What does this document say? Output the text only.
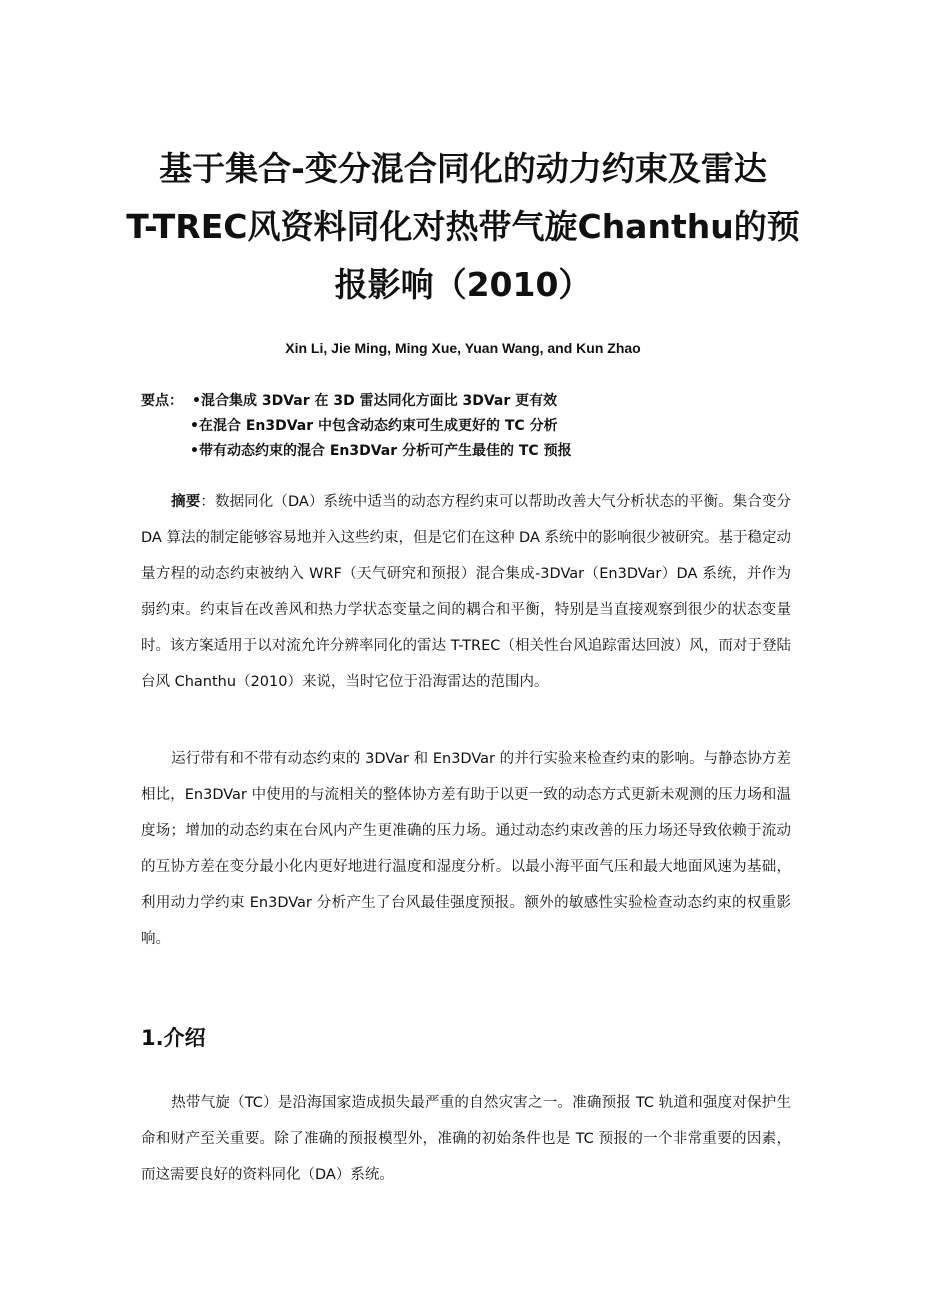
基于集合-变分混合同化的动力约束及雷达
T-TREC风资料同化对热带气旋Chanthu的预
报影响（2010）
Xin Li, Jie Ming, Ming Xue, Yuan Wang, and Kun Zhao
要点： •混合集成 3DVar 在 3D 雷达同化方面比 3DVar 更有效
•在混合 En3DVar 中包含动态约束可生成更好的 TC 分析
•带有动态约束的混合 En3DVar 分析可产生最佳的 TC 预报

摘要：数据同化（DA）系统中适当的动态方程约束可以帮助改善大气分析状态的平衡。集合变分 DA 算法的制定能够容易地并入这些约束，但是它们在这种 DA 系统中的影响很少被研究。基于稳定动量方程的动态约束被纳入 WRF（天气研究和预报）混合集成-3DVar（En3DVar）DA 系统，并作为弱约束。约束旨在改善风和热力学状态变量之间的耦合和平衡，特别是当直接观察到很少的状态变量时。该方案适用于以对流允许分辨率同化的雷达 T-TREC（相关性台风追踪雷达回波）风，而对于登陆台风 Chanthu（2010）来说，当时它位于沿海雷达的范围内。

运行带有和不带有动态约束的 3DVar 和 En3DVar 的并行实验来检查约束的影响。与静态协方差相比，En3DVar 中使用的与流相关的整体协方差有助于以更一致的动态方式更新未观测的压力场和温度场；增加的动态约束在台风内产生更准确的压力场。通过动态约束改善的压力场还导致依赖于流动的互协方差在变分最小化内更好地进行温度和湿度分析。以最小海平面气压和最大地面风速为基础，利用动力学约束 En3DVar 分析产生了台风最佳强度预报。额外的敏感性实验检查动态约束的权重影响。

1.介绍

热带气旋（TC）是沿海国家造成损失最严重的自然灾害之一。准确预报 TC 轨道和强度对保护生命和财产至关重要。除了准确的预报模型外，准确的初始条件也是 TC 预报的一个非常重要的因素，而这需要良好的资料同化（DA）系统。
